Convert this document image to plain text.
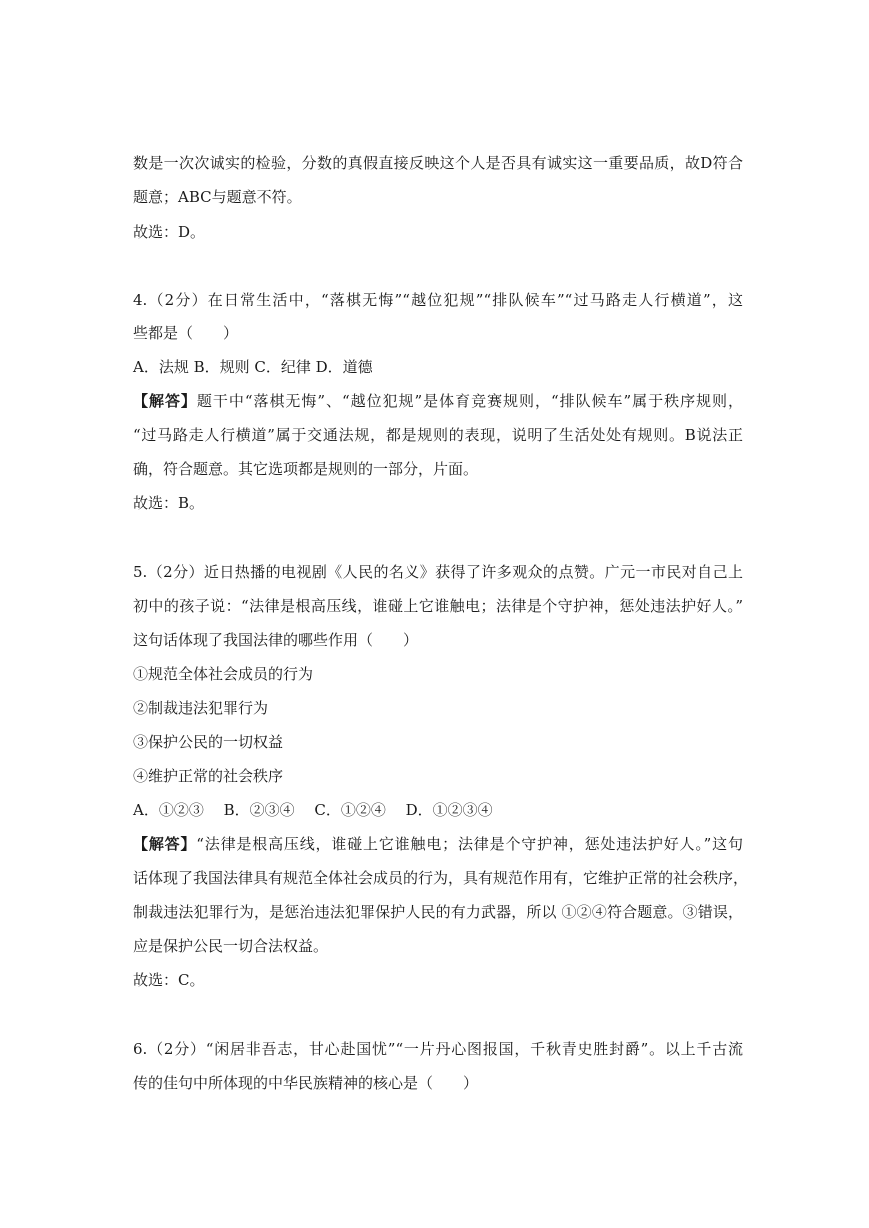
数是一次次诚实的检验，分数的真假直接反映这个人是否具有诚实这一重要品质，故D符合
题意；ABC与题意不符。
故选：D。
4.（2分）在日常生活中，“落棋无悔”“越位犯规”“排队候车”“过马路走人行横道”，这
些都是（　　）
A．法规 B．规则 C．纪律 D．道德
【解答】题干中“落棋无悔”、“越位犯规”是体育竞赛规则，“排队候车”属于秩序规则，
“过马路走人行横道”属于交通法规，都是规则的表现，说明了生活处处有规则。B说法正
确，符合题意。其它选项都是规则的一部分，片面。
故选：B。
5.（2分）近日热播的电视剧《人民的名义》获得了许多观众的点赞。广元一市民对自己上
初中的孩子说：“法律是根高压线，谁碰上它谁触电；法律是个守护神，惩处违法护好人。”
这句话体现了我国法律的哪些作用（　　）
①规范全体社会成员的行为
②制裁违法犯罪行为
③保护公民的一切权益
④维护正常的社会秩序
A．①②③　 B．②③④　 C．①②④　 D．①②③④
【解答】“法律是根高压线，谁碰上它谁触电；法律是个守护神，惩处违法护好人。”这句
话体现了我国法律具有规范全体社会成员的行为，具有规范作用有，它维护正常的社会秩序，
制裁违法犯罪行为，是惩治违法犯罪保护人民的有力武器，所以 ①②④符合题意。③错误，
应是保护公民一切合法权益。
故选：C。
6.（2分）“闲居非吾志，甘心赴国忧”“一片丹心图报国，千秋青史胜封爵”。以上千古流
传的佳句中所体现的中华民族精神的核心是（　　）
